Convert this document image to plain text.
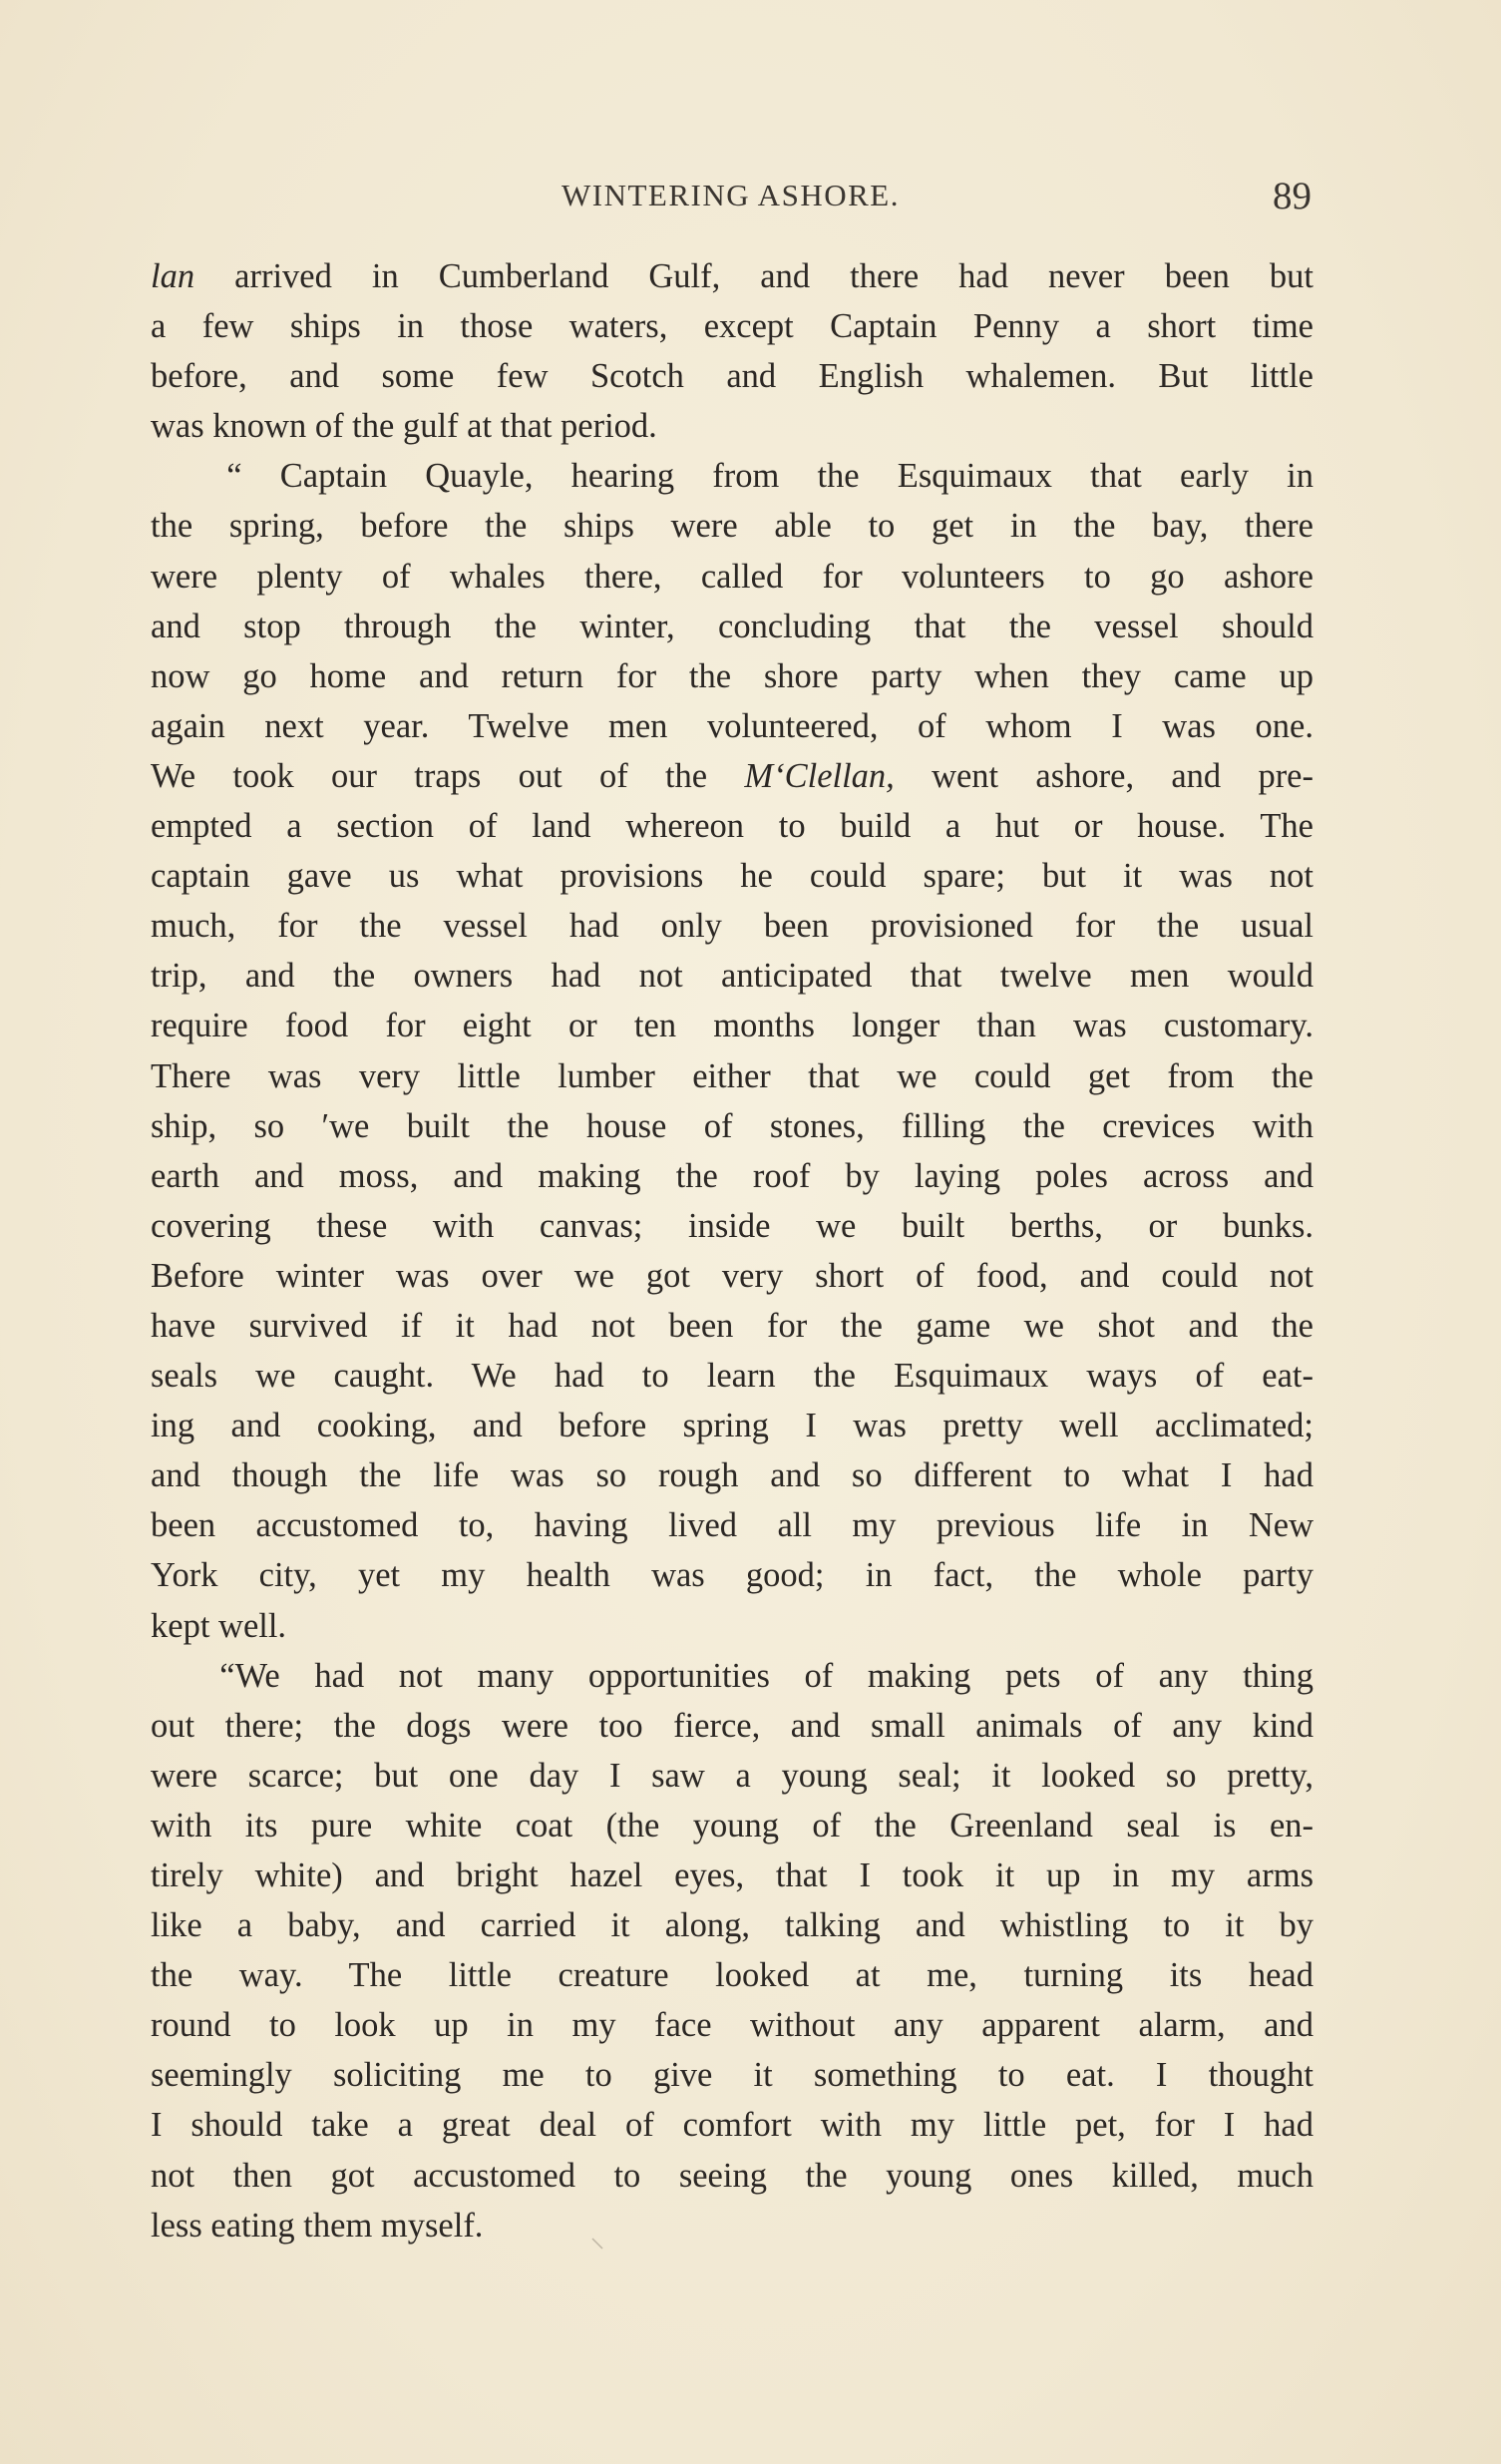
WINTERING ASHORE.	89
lan arrived in Cumberland Gulf, and there had never been but
a few ships in those waters, except Captain Penny a short time
before, and some few Scotch and English whalemen. But little
was known of the gulf at that period.
“ Captain Quayle, hearing from the Esquimaux that early in
the spring, before the ships were able to get in the bay, there
were plenty of whales there, called for volunteers to go ashore
and stop through the winter, concluding that the vessel should
now go home and return for the shore party when they came up
again next year. Twelve men volunteered, of whom I was one.
We took our traps out of the M‘Clellan, went ashore, and pre-
empted a section of land whereon to build a hut or house. The
captain gave us what provisions he could spare; but it was not
much, for the vessel had only been provisioned for the usual
trip, and the owners had not anticipated that twelve men would
require food for eight or ten months longer than was customary.
There was very little lumber either that we could get from the
ship, so ′we built the house of stones, filling the crevices with
earth and moss, and making the roof by laying poles across and
covering these with canvas; inside we built berths, or bunks.
Before winter was over we got very short of food, and could not
have survived if it had not been for the game we shot and the
seals we caught. We had to learn the Esquimaux ways of eat-
ing and cooking, and before spring I was pretty well acclimated;
and though the life was so rough and so different to what I had
been accustomed to, having lived all my previous life in New
York city, yet my health was good; in fact, the whole party
kept well.
“We had not many opportunities of making pets of any thing
out there; the dogs were too fierce, and small animals of any kind
were scarce; but one day I saw a young seal; it looked so pretty,
with its pure white coat (the young of the Greenland seal is en-
tirely white) and bright hazel eyes, that I took it up in my arms
like a baby, and carried it along, talking and whistling to it by
the way. The little creature looked at me, turning its head
round to look up in my face without any apparent alarm, and
seemingly soliciting me to give it something to eat. I thought
I should take a great deal of comfort with my little pet, for I had
not then got accustomed to seeing the young ones killed, much
less eating them myself.
